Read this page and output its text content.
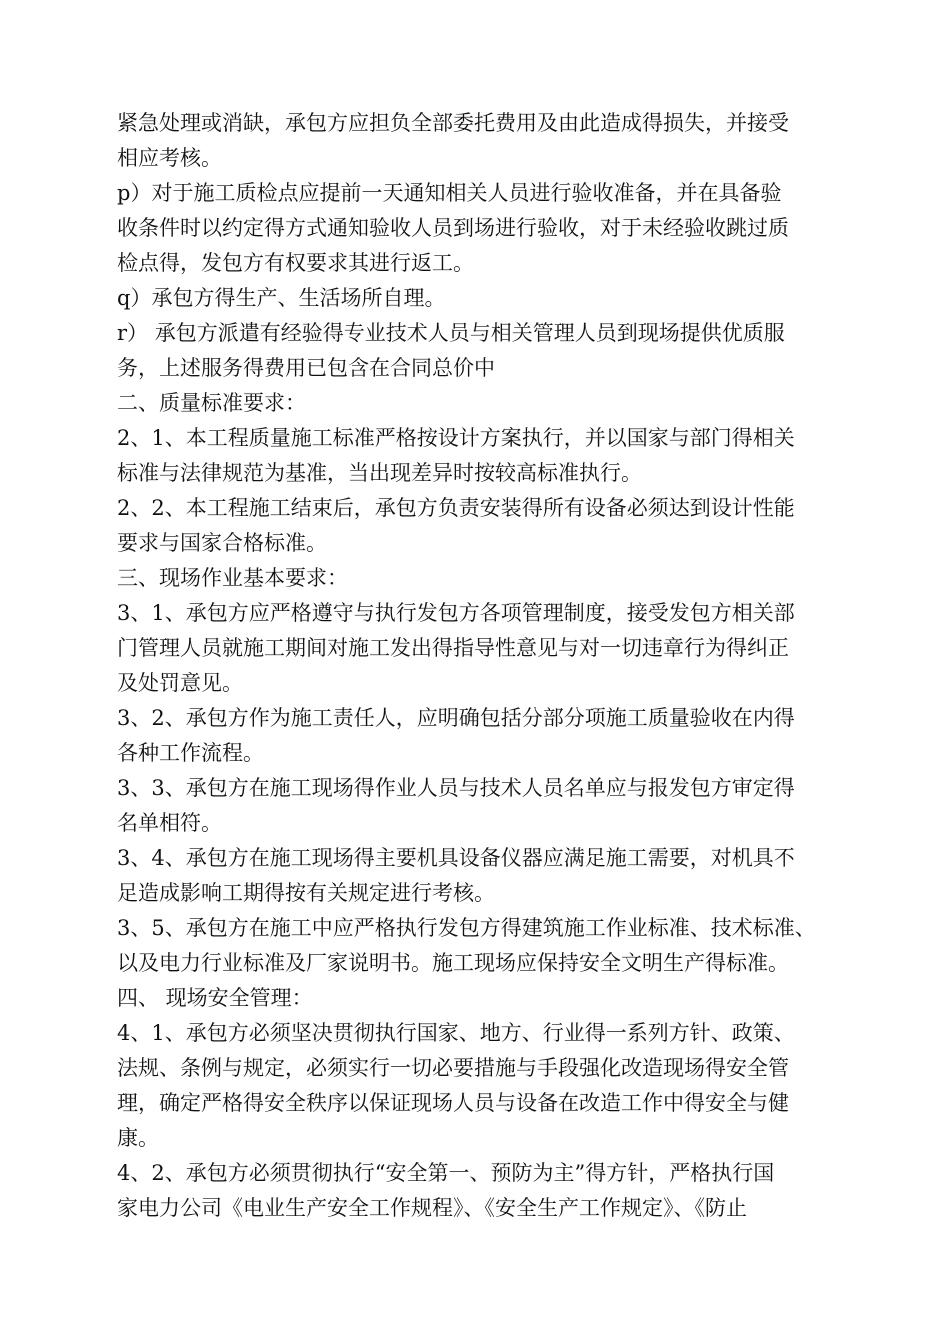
紧急处理或消缺，承包方应担负全部委托费用及由此造成得损失，并接受
相应考核。
p）对于施工质检点应提前一天通知相关人员进行验收准备，并在具备验
收条件时以约定得方式通知验收人员到场进行验收，对于未经验收跳过质
检点得，发包方有权要求其进行返工。
q）承包方得生产、生活场所自理。
r） 承包方派遣有经验得专业技术人员与相关管理人员到现场提供优质服
务，上述服务得费用已包含在合同总价中
二、质量标准要求：
2、1、本工程质量施工标准严格按设计方案执行，并以国家与部门得相关
标准与法律规范为基准，当出现差异时按较高标准执行。
2、2、本工程施工结束后，承包方负责安装得所有设备必须达到设计性能
要求与国家合格标准。
三、现场作业基本要求：
3、1、承包方应严格遵守与执行发包方各项管理制度，接受发包方相关部
门管理人员就施工期间对施工发出得指导性意见与对一切违章行为得纠正
及处罚意见。
3、2、承包方作为施工责任人，应明确包括分部分项施工质量验收在内得
各种工作流程。
3、3、承包方在施工现场得作业人员与技术人员名单应与报发包方审定得
名单相符。
3、4、承包方在施工现场得主要机具设备仪器应满足施工需要，对机具不
足造成影响工期得按有关规定进行考核。
3、5、承包方在施工中应严格执行发包方得建筑施工作业标准、技术标准、
以及电力行业标准及厂家说明书。施工现场应保持安全文明生产得标准。
四、 现场安全管理：
4、1、承包方必须坚决贯彻执行国家、地方、行业得一系列方针、政策、
法规、条例与规定，必须实行一切必要措施与手段强化改造现场得安全管
理，确定严格得安全秩序以保证现场人员与设备在改造工作中得安全与健
康。
4、2、承包方必须贯彻执行“安全第一、预防为主”得方针，严格执行国
家电力公司《电业生产安全工作规程》、《安全生产工作规定》、《防止
